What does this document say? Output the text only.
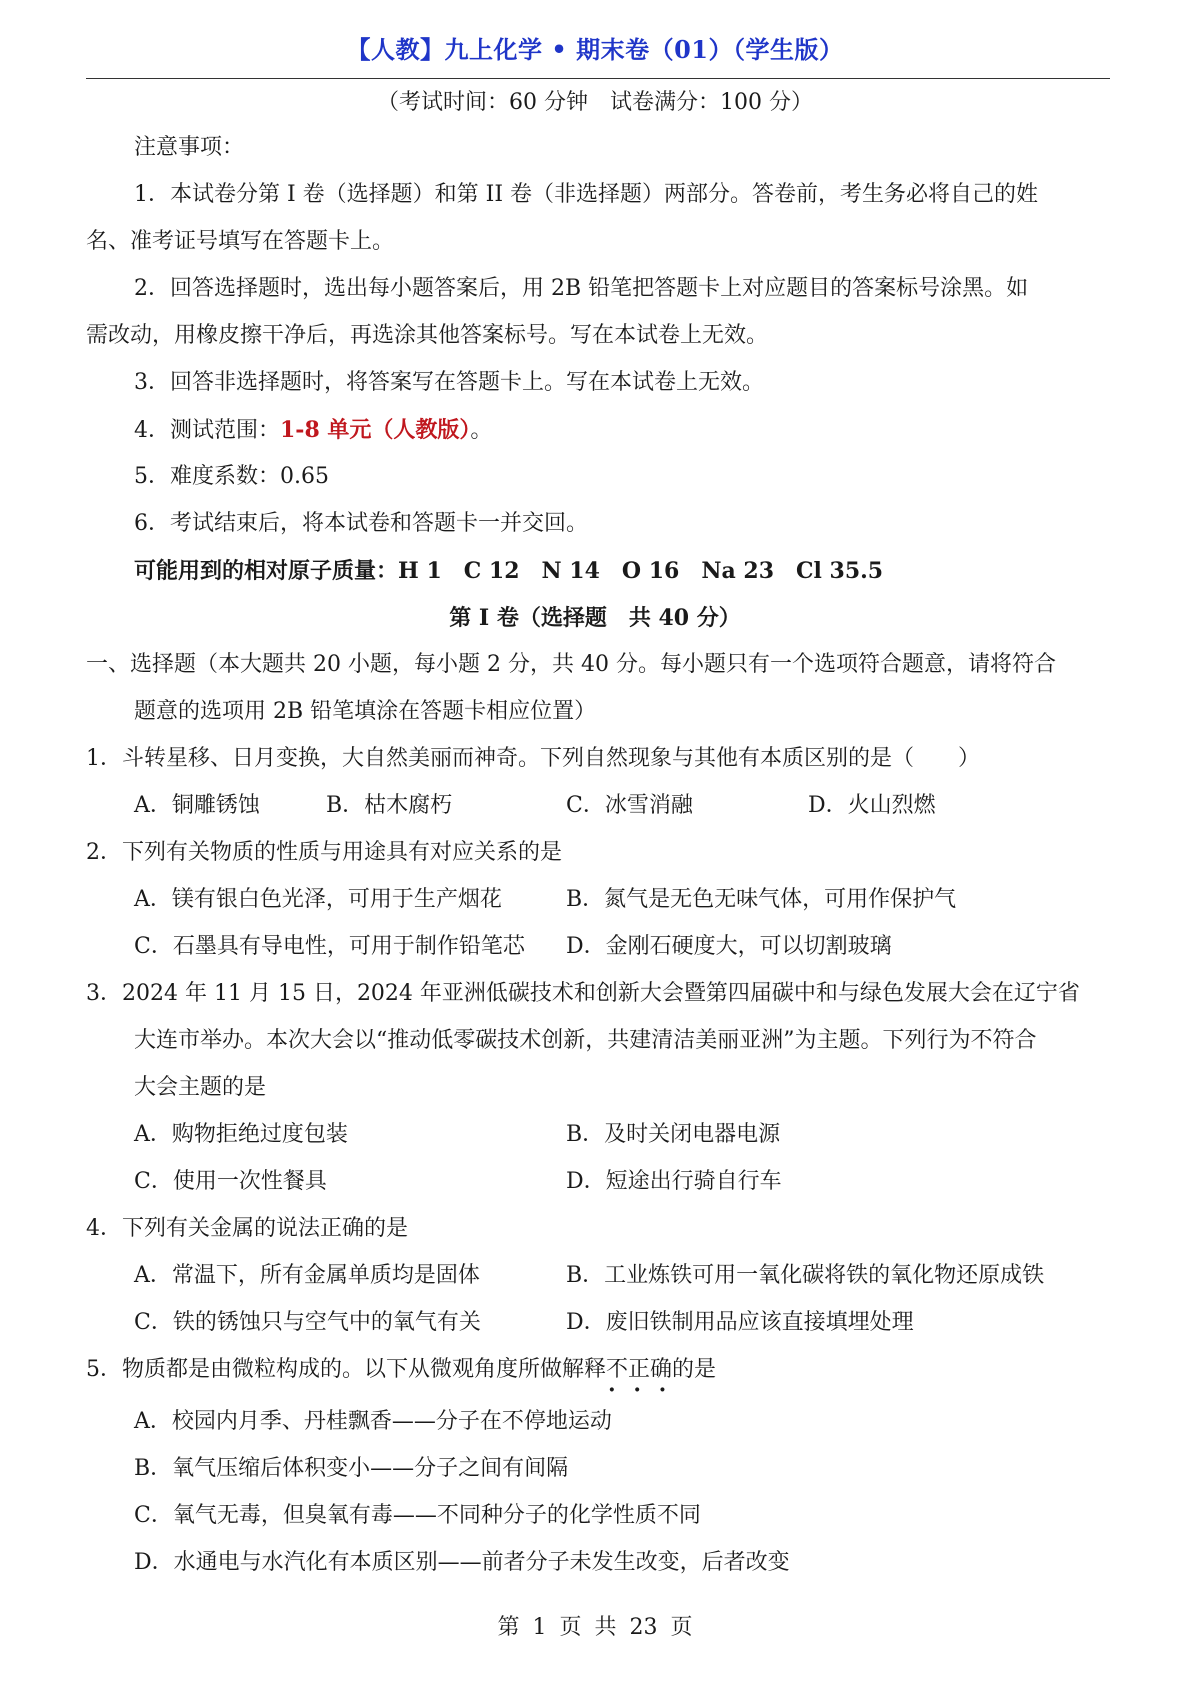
【人教】九上化学 • 期末卷（01）（学生版）
（考试时间：60 分钟　试卷满分：100 分）
注意事项：
1．本试卷分第 I 卷（选择题）和第 II 卷（非选择题）两部分。答卷前，考生务必将自己的姓
名、准考证号填写在答题卡上。
2．回答选择题时，选出每小题答案后，用 2B 铅笔把答题卡上对应题目的答案标号涂黑。如
需改动，用橡皮擦干净后，再选涂其他答案标号。写在本试卷上无效。
3．回答非选择题时，将答案写在答题卡上。写在本试卷上无效。
4．测试范围：1-8 单元（人教版）。
5．难度系数：0.65
6．考试结束后，将本试卷和答题卡一并交回。
可能用到的相对原子质量：H 1　C 12　N 14　O 16　Na 23　Cl 35.5
第 I 卷（选择题　共 40 分）
一、选择题（本大题共 20 小题，每小题 2 分，共 40 分。每小题只有一个选项符合题意，请将符合
题意的选项用 2B 铅笔填涂在答题卡相应位置）
1．斗转星移、日月变换，大自然美丽而神奇。下列自然现象与其他有本质区别的是（　　）
A．铜雕锈蚀	B．枯木腐朽	C．冰雪消融	D．火山烈燃
2．下列有关物质的性质与用途具有对应关系的是
A．镁有银白色光泽，可用于生产烟花	B．氮气是无色无味气体，可用作保护气
C．石墨具有导电性，可用于制作铅笔芯 D．金刚石硬度大，可以切割玻璃
3．2024 年 11 月 15 日，2024 年亚洲低碳技术和创新大会暨第四届碳中和与绿色发展大会在辽宁省
大连市举办。本次大会以“推动低零碳技术创新，共建清洁美丽亚洲”为主题。下列行为不符合
大会主题的是
A．购物拒绝过度包装	B．及时关闭电器电源
C．使用一次性餐具	D．短途出行骑自行车
4．下列有关金属的说法正确的是
A．常温下，所有金属单质均是固体	B．工业炼铁可用一氧化碳将铁的氧化物还原成铁
C．铁的锈蚀只与空气中的氧气有关	D．废旧铁制用品应该直接填埋处理
5．物质都是由微粒构成的。以下从微观角度所做解释不正确 · · ·的是
A．校园内月季、丹桂飘香——分子在不停地运动
B．氧气压缩后体积变小——分子之间有间隔
C．氧气无毒，但臭氧有毒——不同种分子的化学性质不同
D．水通电与水汽化有本质区别——前者分子未发生改变，后者改变
第 1 页 共 23 页
